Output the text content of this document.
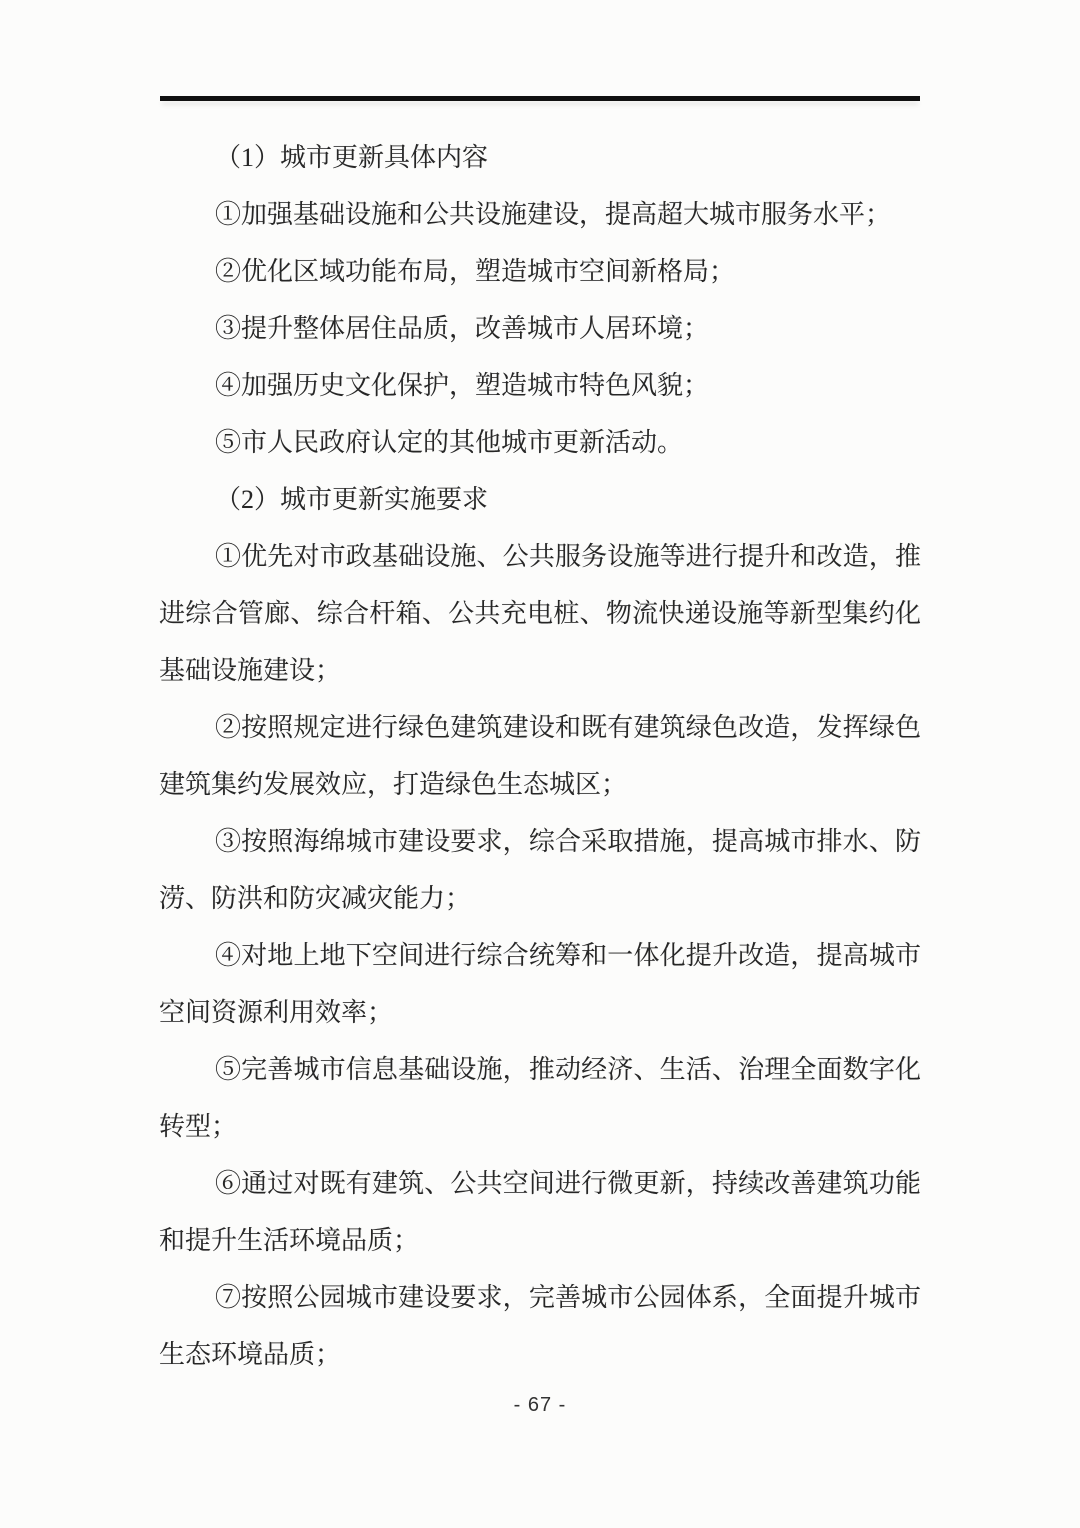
（1）城市更新具体内容

①加强基础设施和公共设施建设，提高超大城市服务水平；

②优化区域功能布局，塑造城市空间新格局；

③提升整体居住品质，改善城市人居环境；

④加强历史文化保护，塑造城市特色风貌；

⑤市人民政府认定的其他城市更新活动。

（2）城市更新实施要求

①优先对市政基础设施、公共服务设施等进行提升和改造，推进综合管廊、综合杆箱、公共充电桩、物流快递设施等新型集约化基础设施建设；

②按照规定进行绿色建筑建设和既有建筑绿色改造，发挥绿色建筑集约发展效应，打造绿色生态城区；

③按照海绵城市建设要求，综合采取措施，提高城市排水、防涝、防洪和防灾减灾能力；

④对地上地下空间进行综合统筹和一体化提升改造，提高城市空间资源利用效率；

⑤完善城市信息基础设施，推动经济、生活、治理全面数字化转型；

⑥通过对既有建筑、公共空间进行微更新，持续改善建筑功能和提升生活环境品质；

⑦按照公园城市建设要求，完善城市公园体系，全面提升城市生态环境品质；

- 67 -
